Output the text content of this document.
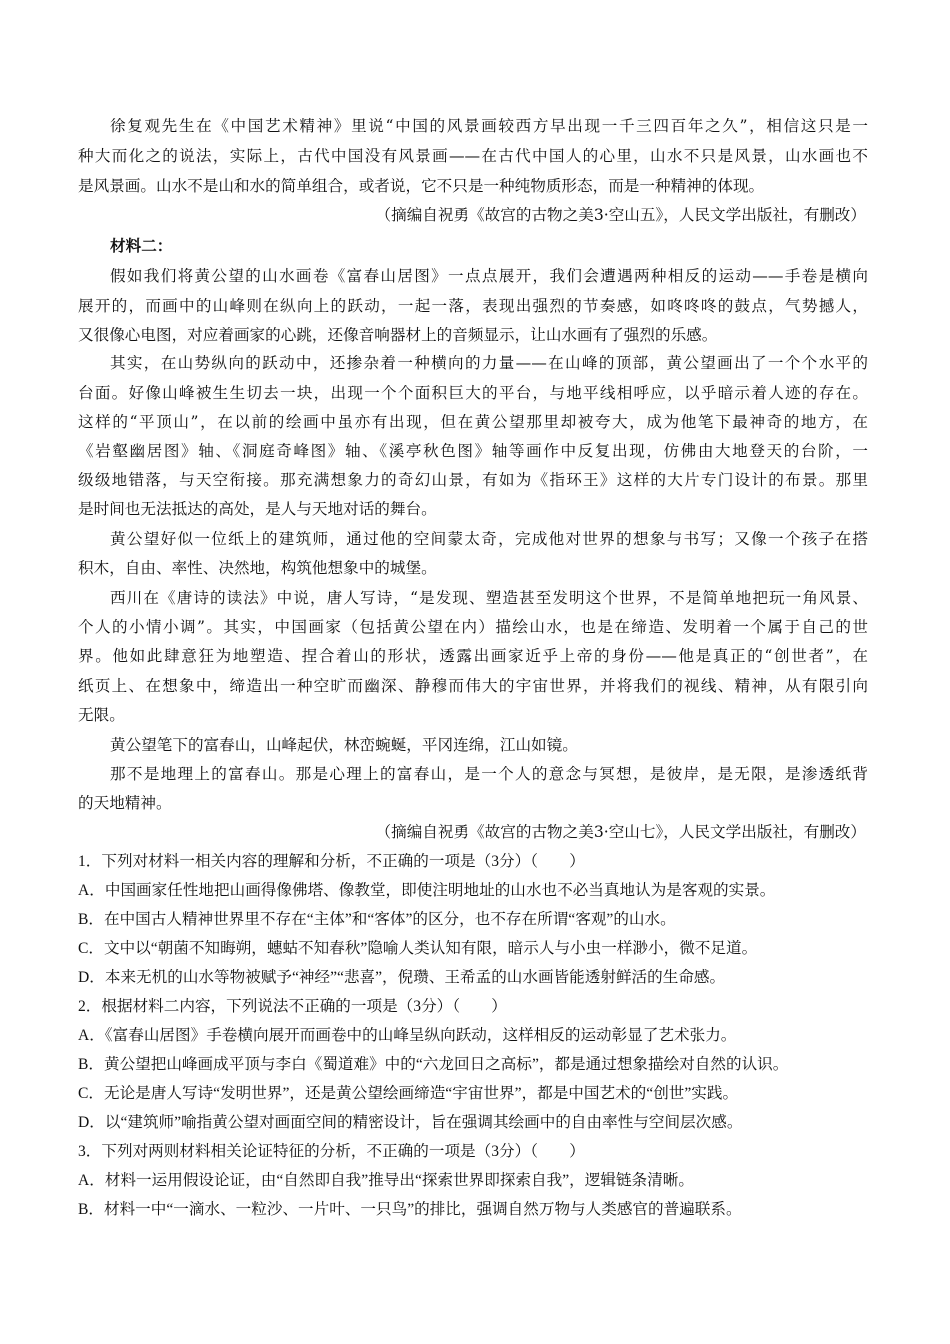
徐复观先生在《中国艺术精神》里说“中国的风景画较西方早出现一千三四百年之久”，相信这只是一
种大而化之的说法，实际上，古代中国没有风景画——在古代中国人的心里，山水不只是风景，山水画也不
是风景画。山水不是山和水的简单组合，或者说，它不只是一种纯物质形态，而是一种精神的体现。
（摘编自祝勇《故宫的古物之美3·空山五》，人民文学出版社，有删改）
材料二：
假如我们将黄公望的山水画卷《富春山居图》一点点展开，我们会遭遇两种相反的运动——手卷是横向
展开的，而画中的山峰则在纵向上的跃动，一起一落，表现出强烈的节奏感，如咚咚咚的鼓点，气势撼人，
又很像心电图，对应着画家的心跳，还像音响器材上的音频显示，让山水画有了强烈的乐感。
其实，在山势纵向的跃动中，还掺杂着一种横向的力量——在山峰的顶部，黄公望画出了一个个水平的
台面。好像山峰被生生切去一块，出现一个个面积巨大的平台，与地平线相呼应，以乎暗示着人迹的存在。
这样的“平顶山”，在以前的绘画中虽亦有出现，但在黄公望那里却被夸大，成为他笔下最神奇的地方，在
《岩壑幽居图》轴、《洞庭奇峰图》轴、《溪亭秋色图》轴等画作中反复出现，仿佛由大地登天的台阶，一
级级地错落，与天空衔接。那充满想象力的奇幻山景，有如为《指环王》这样的大片专门设计的布景。那里
是时间也无法抵达的高处，是人与天地对话的舞台。
黄公望好似一位纸上的建筑师，通过他的空间蒙太奇，完成他对世界的想象与书写；又像一个孩子在搭
积木，自由、率性、决然地，构筑他想象中的城堡。
西川在《唐诗的读法》中说，唐人写诗，“是发现、塑造甚至发明这个世界，不是简单地把玩一角风景、
个人的小情小调”。其实，中国画家（包括黄公望在内）描绘山水，也是在缔造、发明着一个属于自己的世
界。他如此肆意狂为地塑造、捏合着山的形状，透露出画家近乎上帝的身份——他是真正的“创世者”，在
纸页上、在想象中，缔造出一种空旷而幽深、静穆而伟大的宇宙世界，并将我们的视线、精神，从有限引向
无限。
黄公望笔下的富春山，山峰起伏，林峦蜿蜒，平冈连绵，江山如镜。
那不是地理上的富春山。那是心理上的富春山，是一个人的意念与冥想，是彼岸，是无限，是渗透纸背
的天地精神。
（摘编自祝勇《故宫的古物之美3·空山七》，人民文学出版社，有删改）
1．下列对材料一相关内容的理解和分析，不正确的一项是（3分）（　　）
A．中国画家任性地把山画得像佛塔、像教堂，即使注明地址的山水也不必当真地认为是客观的实景。
B．在中国古人精神世界里不存在“主体”和“客体”的区分，也不存在所谓“客观”的山水。
C．文中以“朝菌不知晦朔，蟪蛄不知春秋”隐喻人类认知有限，暗示人与小虫一样渺小，微不足道。
D．本来无机的山水等物被赋予“神经”“悲喜”，倪瓒、王希孟的山水画皆能透射鲜活的生命感。
2．根据材料二内容，下列说法不正确的一项是（3分）（　　）
A．《富春山居图》手卷横向展开而画卷中的山峰呈纵向跃动，这样相反的运动彰显了艺术张力。
B．黄公望把山峰画成平顶与李白《蜀道难》中的“六龙回日之高标”，都是通过想象描绘对自然的认识。
C．无论是唐人写诗“发明世界”，还是黄公望绘画缔造“宇宙世界”，都是中国艺术的“创世”实践。
D．以“建筑师”喻指黄公望对画面空间的精密设计，旨在强调其绘画中的自由率性与空间层次感。
3．下列对两则材料相关论证特征的分析，不正确的一项是（3分）（　　）
A．材料一运用假设论证，由“自然即自我”推导出“探索世界即探索自我”，逻辑链条清晰。
B．材料一中“一滴水、一粒沙、一片叶、一只鸟”的排比，强调自然万物与人类感官的普遍联系。
